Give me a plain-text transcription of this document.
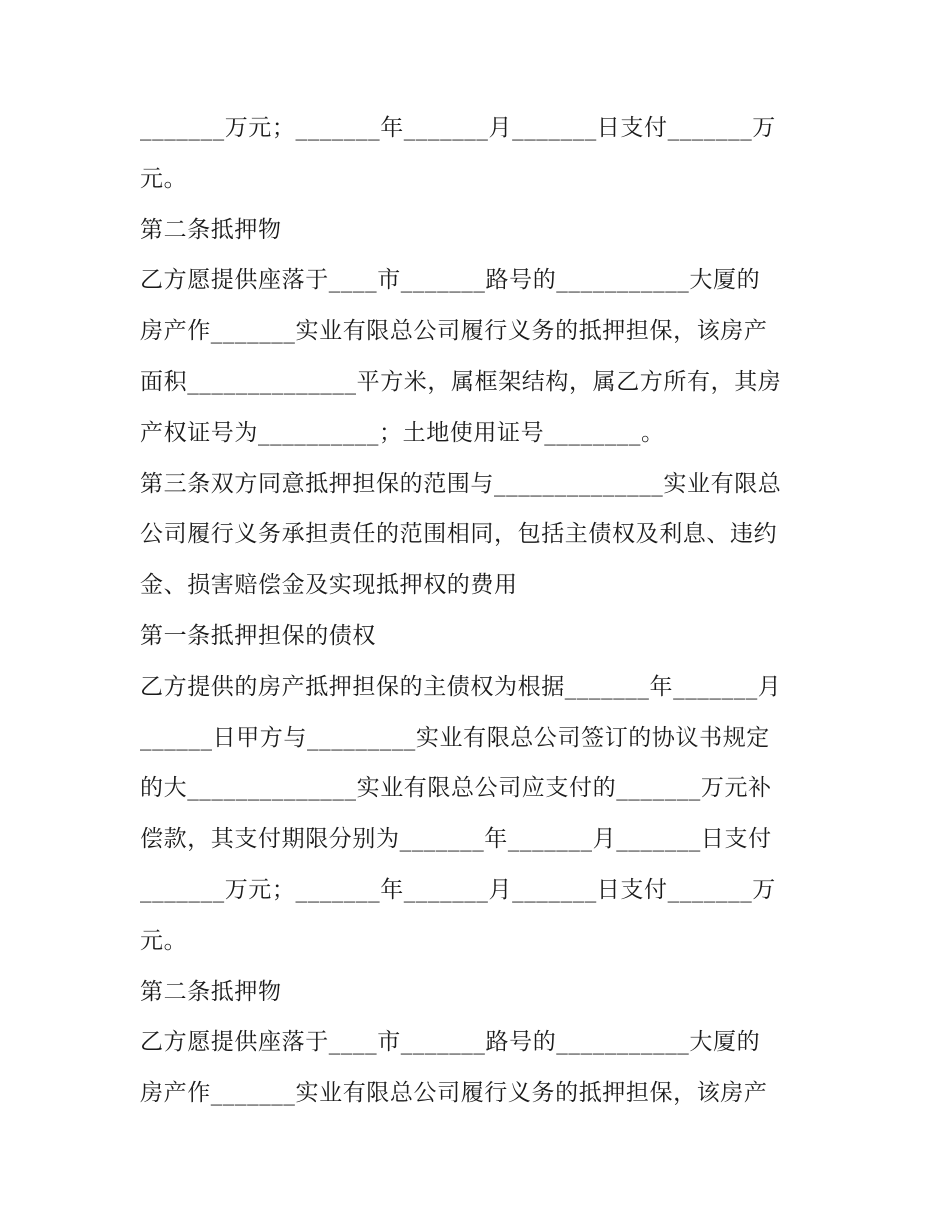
_______万元；_______年_______月_______日支付_______万
元。
第二条抵押物
乙方愿提供座落于____市_______路号的___________大厦的
房产作_______实业有限总公司履行义务的抵押担保，该房产
面积______________平方米，属框架结构，属乙方所有，其房
产权证号为__________；土地使用证号________。
第三条双方同意抵押担保的范围与______________实业有限总
公司履行义务承担责任的范围相同，包括主债权及利息、违约
金、损害赔偿金及实现抵押权的费用
第一条抵押担保的债权
乙方提供的房产抵押担保的主债权为根据_______年_______月
______日甲方与_________实业有限总公司签订的协议书规定
的大______________实业有限总公司应支付的_______万元补
偿款，其支付期限分别为_______年_______月_______日支付
_______万元；_______年_______月_______日支付_______万
元。
第二条抵押物
乙方愿提供座落于____市_______路号的___________大厦的
房产作_______实业有限总公司履行义务的抵押担保，该房产
